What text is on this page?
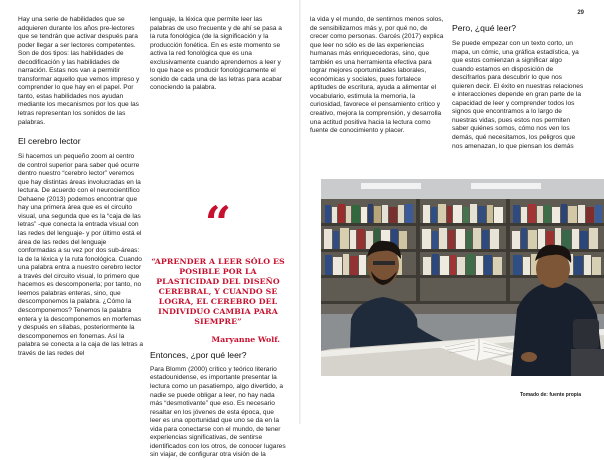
Hay una serie de habilidades que se adquieren durante los años pre-lectores que se tendrán que activar después para poder llegar a ser lectores competentes. Son de dos tipos: las habilidades de decodificación y las habilidades de narración. Estas nos van a permitir transformar aquello que vemos impreso y comprender lo que hay en el papel. Por tanto, estas habilidades nos ayudan mediante los mecanismos por los que las letras representan los sonidos de las palabras.

El cerebro lector

Si hacemos un pequeño zoom al centro de control superior para saber qué ocurre dentro nuestro “cerebro lector” veremos que hay distintas áreas involucradas en la lectura. De acuerdo con el neurocientífico Dehaene (2013) podemos encontrar que hay una primera área que es el circuito visual, una segunda que es la “caja de las letras” -que conecta la entrada visual con las redes del lenguaje- y por último está el área de las redes del lenguaje conformadas a su vez por dos sub-áreas: la de la léxica y la ruta fonológica. Cuando una palabra entra a nuestro cerebro lector a través del circuito visual, lo primero que hacemos es descomponerla; por tanto, no leemos palabras enteras, sino, que descomponemos la palabra. ¿Cómo la descomponemos? Tenemos la palabra entera y la descomponemos en morfemas y después en sílabas, posteriormente la descomponemos en fonemas. Así la palabra se conecta a la caja de las letras a través de las redes del

lenguaje, la léxica que permite leer las palabras de uso frecuente y de ahí se pasa a la ruta fonológica (de la significación y la producción fonética. En es este momento se activa la red fonológica que es una exclusivamente cuando aprendemos a leer y lo que hace es producir fonológicamente el sonido de cada una de las letras para acabar conociendo la palabra.

“
“APRENDER A LEER SÓLO ES POSIBLE POR LA PLASTICIDAD DEL DISEÑO CEREBRAL, Y CUANDO SE LOGRA, EL CEREBRO DEL INDIVIDUO CAMBIA PARA SIEMPRE”
Maryanne Wolf.
Entonces, ¿por qué leer?

Para Blomm (2000) crítico y teórico literario estadounidense, es importante presentar la lectura como un pasatiempo, algo divertido, a nadie se puede obligar a leer, no hay nada más “desmotivante” que eso. Es necesario resaltar en los jóvenes de esta época, que leer es una oportunidad que uno se da en la vida para conectarse con el mundo, de tener experiencias significativas, de sentirse identificados con los otros, de conocer lugares sin viajar, de configurar otra visión de la

la vida y el mundo, de sentirnos menos solos, de sensibilizarnos más y, por qué no, de crecer como personas. Garcés (2017) explica que leer no sólo es de las experiencias humanas más enriquecedoras, sino, que también es una herramienta efectiva para lograr mejores oportunidades laborales, económicas y sociales, pues fortalece aptitudes de escritura, ayuda a alimentar el vocabulario, estimula la memoria, la curiosidad, favorece el pensamiento crítico y creativo, mejora la comprensión, y desarrolla una actitud positiva hacia la lectura como fuente de conocimiento y placer.

Pero, ¿qué leer?

Se puede empezar con un texto corto, un mapa, un cómic, una gráfica estadística, ya que estos comienzan a significar algo cuando estamos en disposición de descifrarlos para descubrir lo que nos quieren decir. El éxito en nuestras relaciones e interacciones depende en gran parte de la capacidad de leer y comprender todos los signos que encontramos a lo largo de nuestras vidas, pues estos nos permiten saber quiénes somos, cómo nos ven los demás, qué necesitamos, los peligros que nos amenazan, lo que piensan los demás

29
Tomado de: fuente propia
